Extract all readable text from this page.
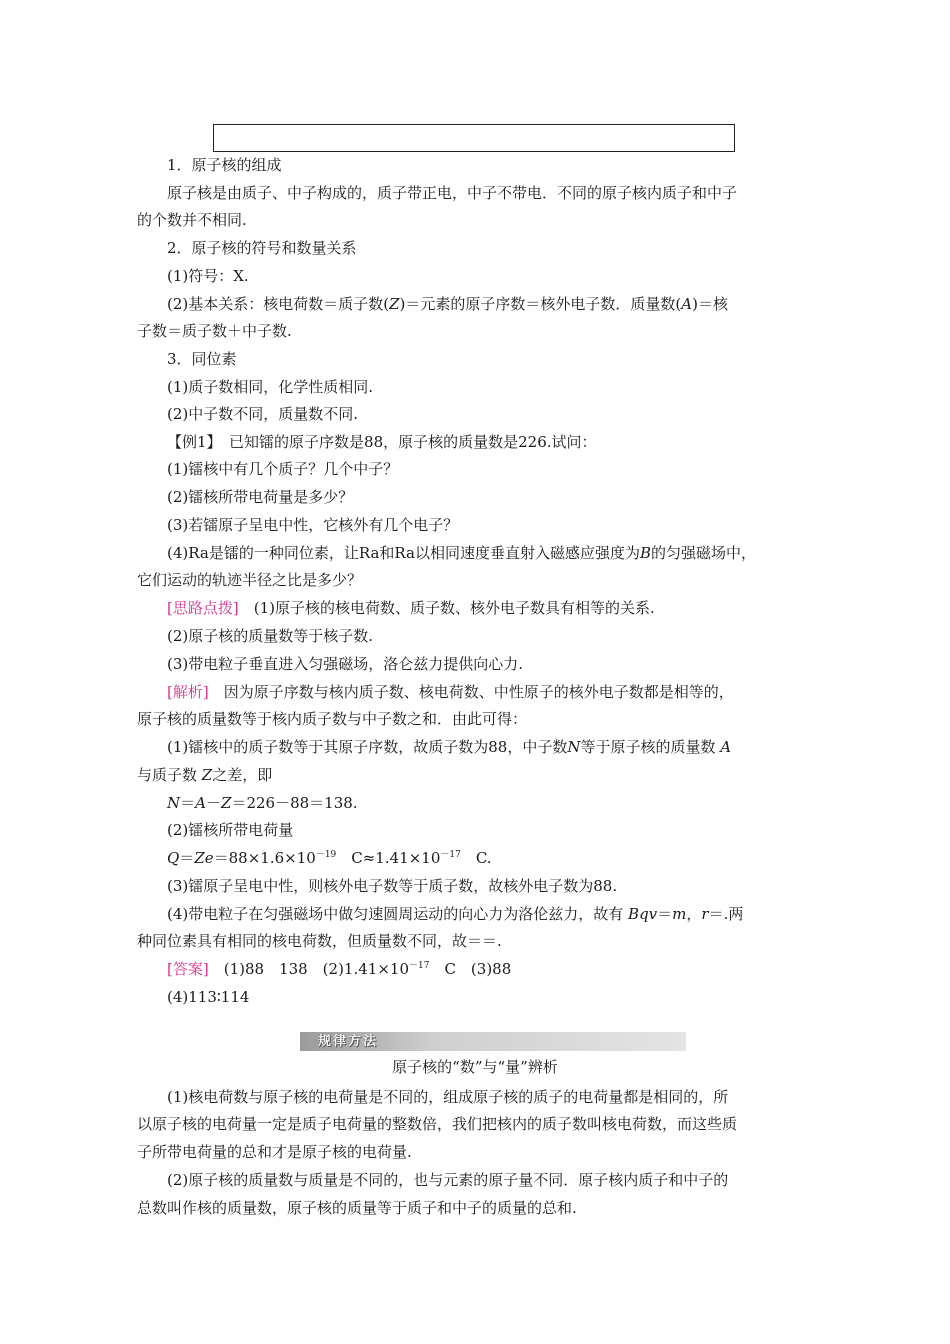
1．原子核的组成
原子核是由质子、中子构成的，质子带正电，中子不带电．不同的原子核内质子和中子
的个数并不相同.
2．原子核的符号和数量关系
(1)符号：X.
(2)基本关系：核电荷数＝质子数(Z)＝元素的原子序数＝核外电子数．质量数(A)＝核
子数＝质子数＋中子数.
3．同位素
(1)质子数相同，化学性质相同.
(2)中子数不同，质量数不同.
【例1】　已知镭的原子序数是88，原子核的质量数是226.试问：
(1)镭核中有几个质子？几个中子？
(2)镭核所带电荷量是多少？
(3)若镭原子呈电中性，它核外有几个电子？
(4)Ra是镭的一种同位素，让Ra和Ra以相同速度垂直射入磁感应强度为B的匀强磁场中，
它们运动的轨迹半径之比是多少？
[思路点拨]　(1)原子核的核电荷数、质子数、核外电子数具有相等的关系.
(2)原子核的质量数等于核子数.
(3)带电粒子垂直进入匀强磁场，洛仑兹力提供向心力.
[解析]　因为原子序数与核内质子数、核电荷数、中性原子的核外电子数都是相等的，
原子核的质量数等于核内质子数与中子数之和．由此可得：
(1)镭核中的质子数等于其原子序数，故质子数为88，中子数N等于原子核的质量数 A
与质子数 Z之差，即
N＝A－Z＝226－88＝138.
(2)镭核所带电荷量
$Q=Ze=88\times 1.6\times 10^{-19}$　$C\approx 1.41\times 10^{-17}$　C.
(3)镭原子呈电中性，则核外电子数等于质子数，故核外电子数为88.
(4)带电粒子在匀强磁场中做匀速圆周运动的向心力为洛伦兹力，故有 Bqv＝m，r＝.两
种同位素具有相同的核电荷数，但质量数不同，故＝＝.
[答案]　(1)88　138　$(2)1.41\times 10^{-17}$　C　(3)88
(4)113∶114
规律方法
原子核的“数”与“量”辨析
(1)核电荷数与原子核的电荷量是不同的，组成原子核的质子的电荷量都是相同的，所
以原子核的电荷量一定是质子电荷量的整数倍，我们把核内的质子数叫核电荷数，而这些质
子所带电荷量的总和才是原子核的电荷量.
(2)原子核的质量数与质量是不同的，也与元素的原子量不同．原子核内质子和中子的
总数叫作核的质量数，原子核的质量等于质子和中子的质量的总和.
